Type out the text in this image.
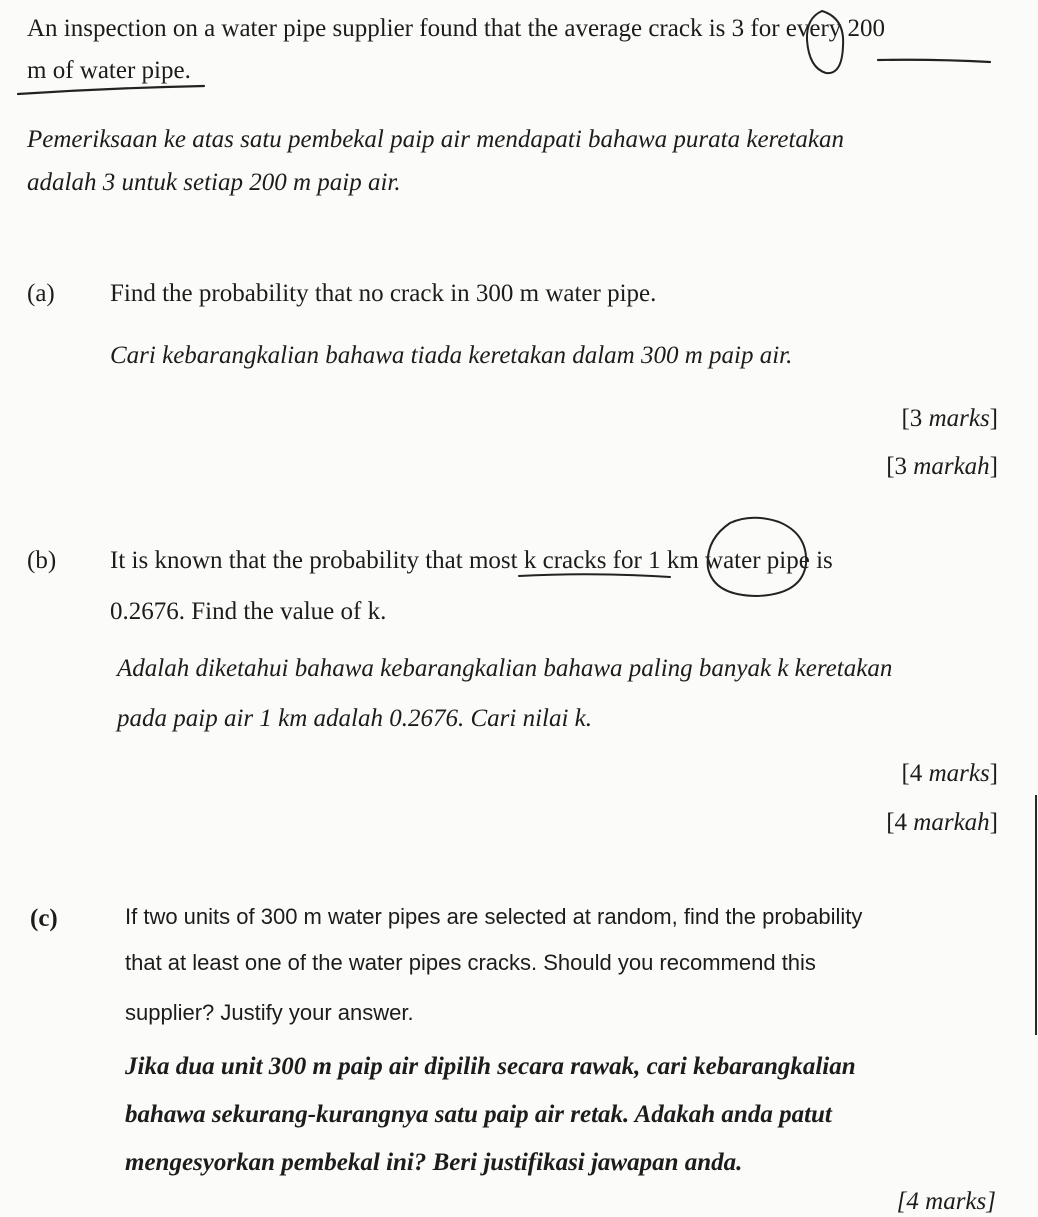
An inspection on a water pipe supplier found that the average crack is 3 for every 200

m of water pipe.

Pemeriksaan ke atas satu pembekal paip air mendapati bahawa purata keretakan

adalah 3 untuk setiap 200 m paip air.

(a) Find the probability that no crack in 300 m water pipe.

Cari kebarangkalian bahawa tiada keretakan dalam 300 m paip air.

[3 marks]
[3 markah]
(b) It is known that the probability that most k cracks for 1 km water pipe is

0.2676. Find the value of k.

Adalah diketahui bahawa kebarangkalian bahawa paling banyak k keretakan

pada paip air 1 km adalah 0.2676. Cari nilai k.

[4 marks]
[4 markah]
(c)	If two units of 300 m water pipes are selected at random, find the probability

that at least one of the water pipes cracks. Should you recommend this

supplier? Justify your answer.

Jika dua unit 300 m paip air dipilih secara rawak, cari kebarangkalian

bahawa sekurang-kurangnya satu paip air retak. Adakah anda patut

mengesyorkan pembekal ini? Beri justifikasi jawapan anda.

[4 marks]
